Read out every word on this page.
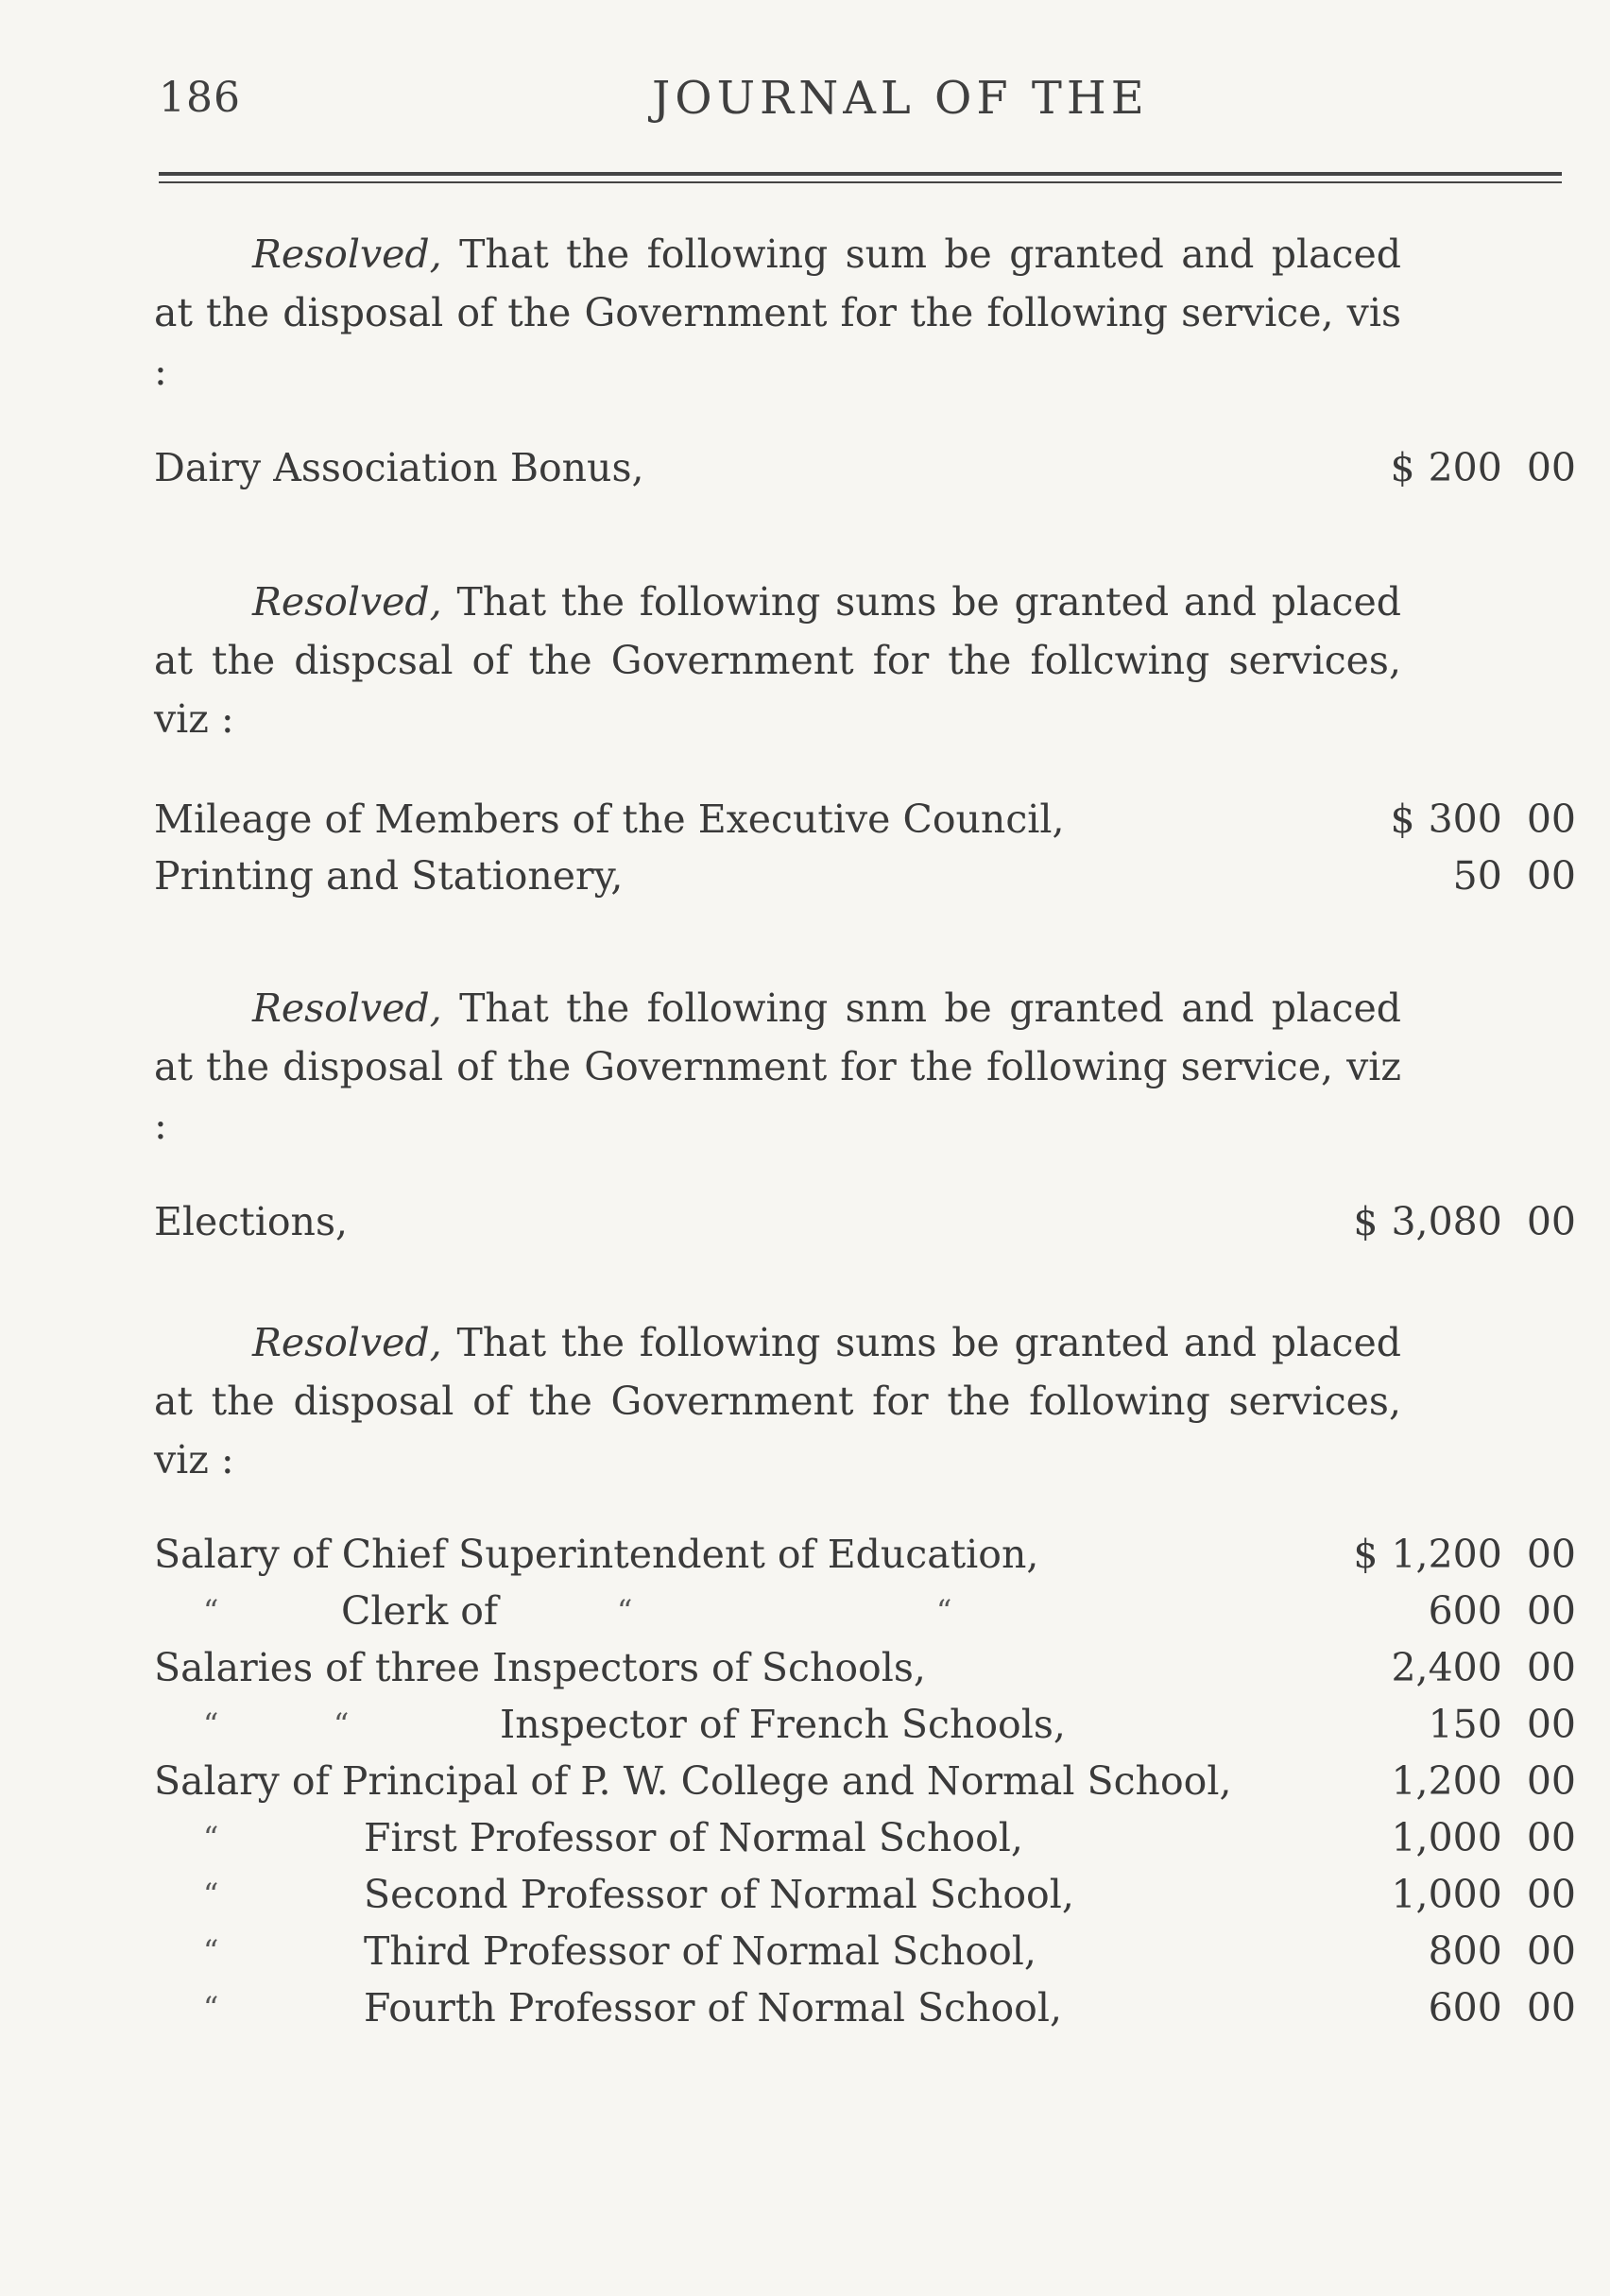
186	JOURNAL OF THE
Resolved, That the following sum be granted and placed at the disposal of the Government for the following service, vis :
Dairy Association Bonus,	$ 200 00
Resolved, That the following sums be granted and placed at the dispcsal of the Government for the follcwing services, viz :
Mileage of Members of the Executive Council,	$ 300 00
Printing and Stationery,	50 00
Resolved, That the following snm be granted and placed at the disposal of the Government for the following service, viz :
Elections,	$ 3,080 00
Resolved, That the following sums be granted and placed at the disposal of the Government for the following services, viz :
Salary of Chief Superintendent of Education,	$ 1,200 00
“	Clerk of	“	“	600 00
Salaries of three Inspectors of Schools,	2,400 00
“	“	Inspector of French Schools,	150 00
Salary of Principal of P. W. College and Normal School,	1,200 00
“	First Professor of Normal School,	1,000 00
“	Second Professor of Normal School,	1,000 00
“	Third Professor of Normal School,	800 00
“	Fourth Professor of Normal School,	600 00
